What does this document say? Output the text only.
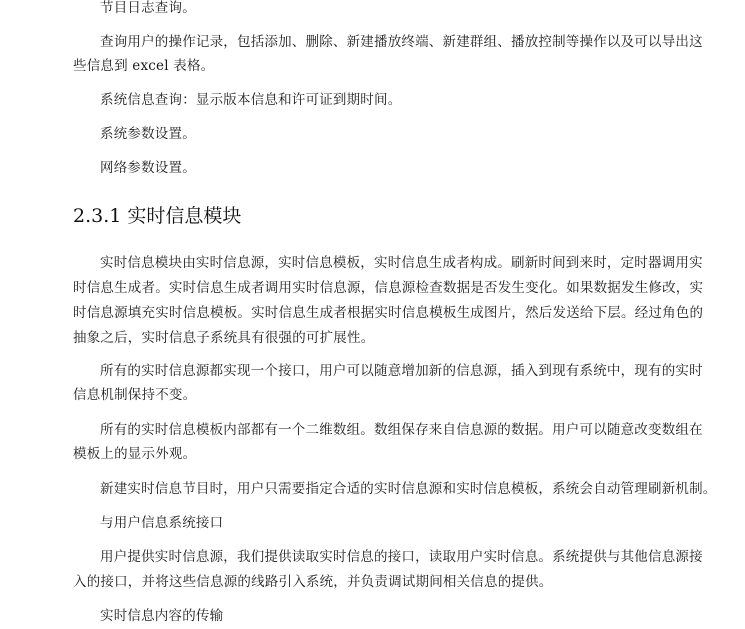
节目日志查询。
查询用户的操作记录，包括添加、删除、新建播放终端、新建群组、播放控制等操作以及可以导出这
些信息到 excel 表格。
系统信息查询：显示版本信息和许可证到期时间。
系统参数设置。
网络参数设置。
2.3.1 实时信息模块
实时信息模块由实时信息源，实时信息模板，实时信息生成者构成。刷新时间到来时，定时器调用实
时信息生成者。实时信息生成者调用实时信息源，信息源检查数据是否发生变化。如果数据发生修改，实
时信息源填充实时信息模板。实时信息生成者根据实时信息模板生成图片，然后发送给下层。经过角色的
抽象之后，实时信息子系统具有很强的可扩展性。
所有的实时信息源都实现一个接口，用户可以随意增加新的信息源，插入到现有系统中，现有的实时
信息机制保持不变。
所有的实时信息模板内部都有一个二维数组。数组保存来自信息源的数据。用户可以随意改变数组在
模板上的显示外观。
新建实时信息节目时，用户只需要指定合适的实时信息源和实时信息模板，系统会自动管理刷新机制。
与用户信息系统接口
用户提供实时信息源，我们提供读取实时信息的接口，读取用户实时信息。系统提供与其他信息源接
入的接口，并将这些信息源的线路引入系统，并负责调试期间相关信息的提供。
实时信息内容的传输
